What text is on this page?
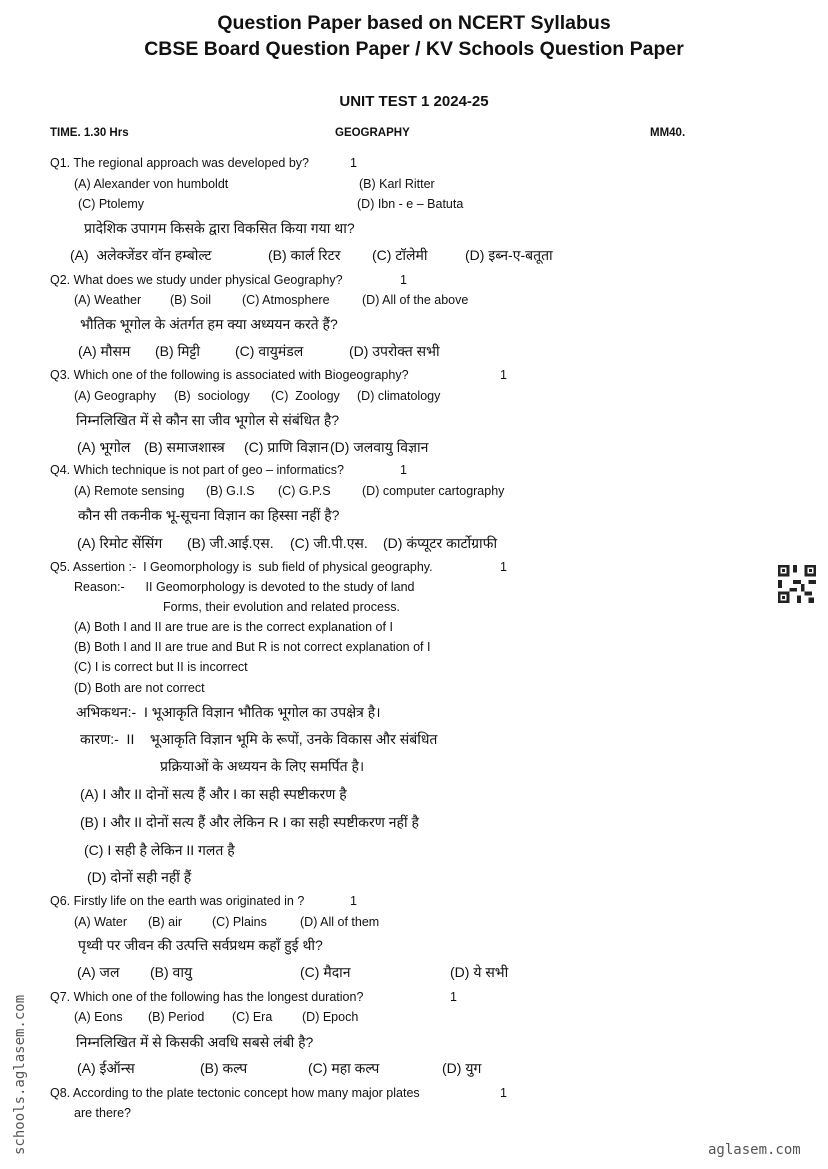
Question Paper based on NCERT Syllabus
CBSE Board Question Paper / KV Schools Question Paper
UNIT TEST 1 2024-25
TIME. 1.30 Hrs	GEOGRAPHY	MM40.
Q1. The regional approach was developed by?	1
(A) Alexander von humboldt	(B) Karl Ritter
(C) Ptolemy	(D) Ibn - e – Batuta
प्रादेशिक उपागम किसके द्वारा विकसित किया गया था?
(A)  अलेक्जेंडर वॉन हम्बोल्ट	(B) कार्ल रिटर (C) टॉलेमी	(D) इब्न-ए-बतूता
Q2. What does we study under physical Geography?	1
(A) Weather (B) Soil (C) Atmosphere	(D) All of the above
भौतिक भूगोल के अंतर्गत हम क्या अध्ययन करते हैं?
(A) मौसम (B) मिट्टी (C) वायुमंडल	(D) उपरोक्त सभी
Q3. Which one of the following is associated with Biogeography?	1
(A) Geography (B)  sociology (C)  Zoology (D) climatology
निम्नलिखित में से कौन सा जीव भूगोल से संबंधित है?
(A) भूगोल (B) समाजशास्त्र (C) प्राणि विज्ञान (D) जलवायु विज्ञान
Q4. Which technique is not part of geo – informatics?	1
(A) Remote sensing (B) G.I.S (C) G.P.S	(D) computer cartography
कौन सी तकनीक भू-सूचना विज्ञान का हिस्सा नहीं है?
(A) रिमोट सेंसिंग (B) जी.आई.एस. (C) जी.पी.एस. (D) कंप्यूटर कार्टोग्राफी
Q5. Assertion :-  I Geomorphology is  sub field of physical geography.	1
Reason:-      II Geomorphology is devoted to the study of land
Forms, their evolution and related process.
(A) Both I and II are true are is the correct explanation of I
(B) Both I and II are true and But R is not correct explanation of I
(C) I is correct but II is incorrect
(D) Both are not correct
अभिकथन:-  I भूआकृति विज्ञान भौतिक भूगोल का उपक्षेत्र है।
कारण:-  II    भूआकृति विज्ञान भूमि के रूपों, उनके विकास और संबंधित
प्रक्रियाओं के अध्ययन के लिए समर्पित है।
(A) I और II दोनों सत्य हैं और I का सही स्पष्टीकरण है
(B) I और II दोनों सत्य हैं और लेकिन R I का सही स्पष्टीकरण नहीं है
(C) I सही है लेकिन II गलत है
(D) दोनों सही नहीं हैं
Q6. Firstly life on the earth was originated in ?	1
(A) Water (B) air (C) Plains	(D) All of them
पृथ्वी पर जीवन की उत्पत्ति सर्वप्रथम कहाँ हुई थी?
(A) जल (B) वायु	(C) मैदान	(D) ये सभी
Q7. Which one of the following has the longest duration?	1
(A) Eons (B) Period (C) Era (D) Epoch
निम्नलिखित में से किसकी अवधि सबसे लंबी है?
(A) ईऑन्स	(B) कल्प	(C) महा कल्प	(D) युग
Q8. According to the plate tectonic concept how many major plates	1
are there?
schools.aglasem.com	aglasem.com
